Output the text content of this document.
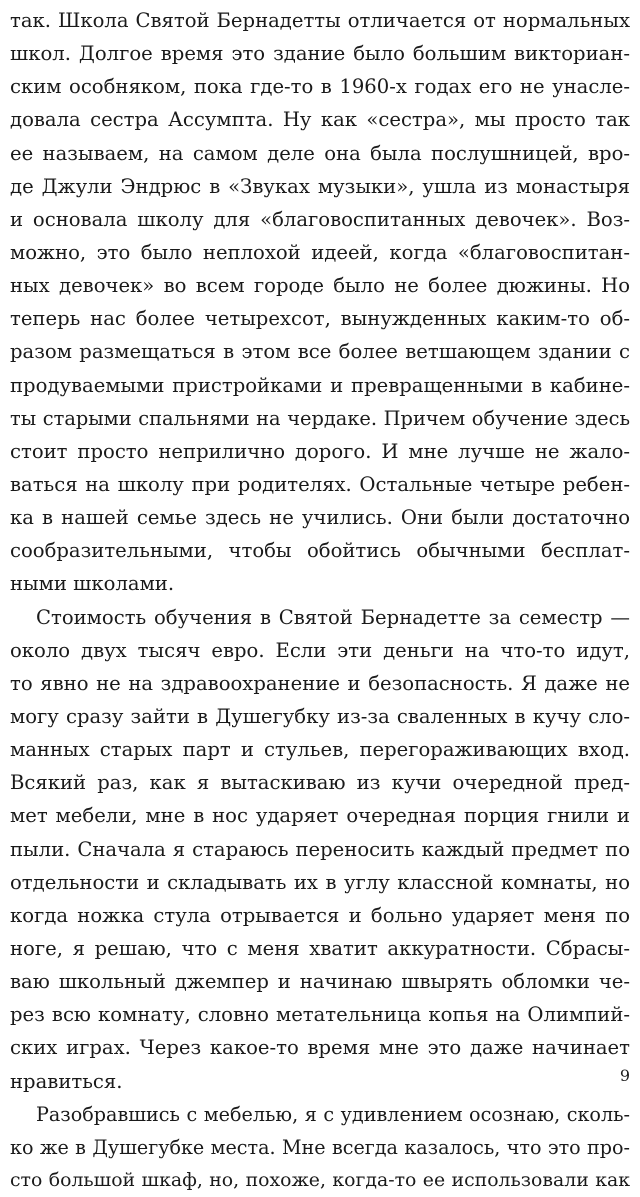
так. Школа Святой Бернадетты отличается от нормальных
школ. Долгое время это здание было большим викториан-
ским особняком, пока где-то в 1960-х годах его не унасле-
довала сестра Ассумпта. Ну как «сестра», мы просто так
ее называем, на самом деле она была послушницей, вро-
де Джули Эндрюс в «Звуках музыки», ушла из монастыря
и основала школу для «благовоспитанных девочек». Воз-
можно, это было неплохой идеей, когда «благовоспитан-
ных девочек» во всем городе было не более дюжины. Но
теперь нас более четырехсот, вынужденных каким-то об-
разом размещаться в этом все более ветшающем здании с
продуваемыми пристройками и превращенными в кабине-
ты старыми спальнями на чердаке. Причем обучение здесь
стоит просто неприлично дорого. И мне лучше не жало-
ваться на школу при родителях. Остальные четыре ребен-
ка в нашей семье здесь не учились. Они были достаточно
сообразительными, чтобы обойтись обычными бесплат-
ными школами.
Стоимость обучения в Святой Бернадетте за семестр —
около двух тысяч евро. Если эти деньги на что-то идут,
то явно не на здравоохранение и безопасность. Я даже не
могу сразу зайти в Душегубку из-за сваленных в кучу сло-
манных старых парт и стульев, перегораживающих вход.
Всякий раз, как я вытаскиваю из кучи очередной пред-
мет мебели, мне в нос ударяет очередная порция гнили и
пыли. Сначала я стараюсь переносить каждый предмет по
отдельности и складывать их в углу классной комнаты, но
когда ножка стула отрывается и больно ударяет меня по
ноге, я решаю, что с меня хватит аккуратности. Сбрасы-
ваю школьный джемпер и начинаю швырять обломки че-
рез всю комнату, словно метательница копья на Олимпий-
ских играх. Через какое-то время мне это даже начинает
нравиться.
Разобравшись с мебелью, я с удивлением осознаю, сколь-
ко же в Душегубке места. Мне всегда казалось, что это про-
сто большой шкаф, но, похоже, когда-то ее использовали как
9
